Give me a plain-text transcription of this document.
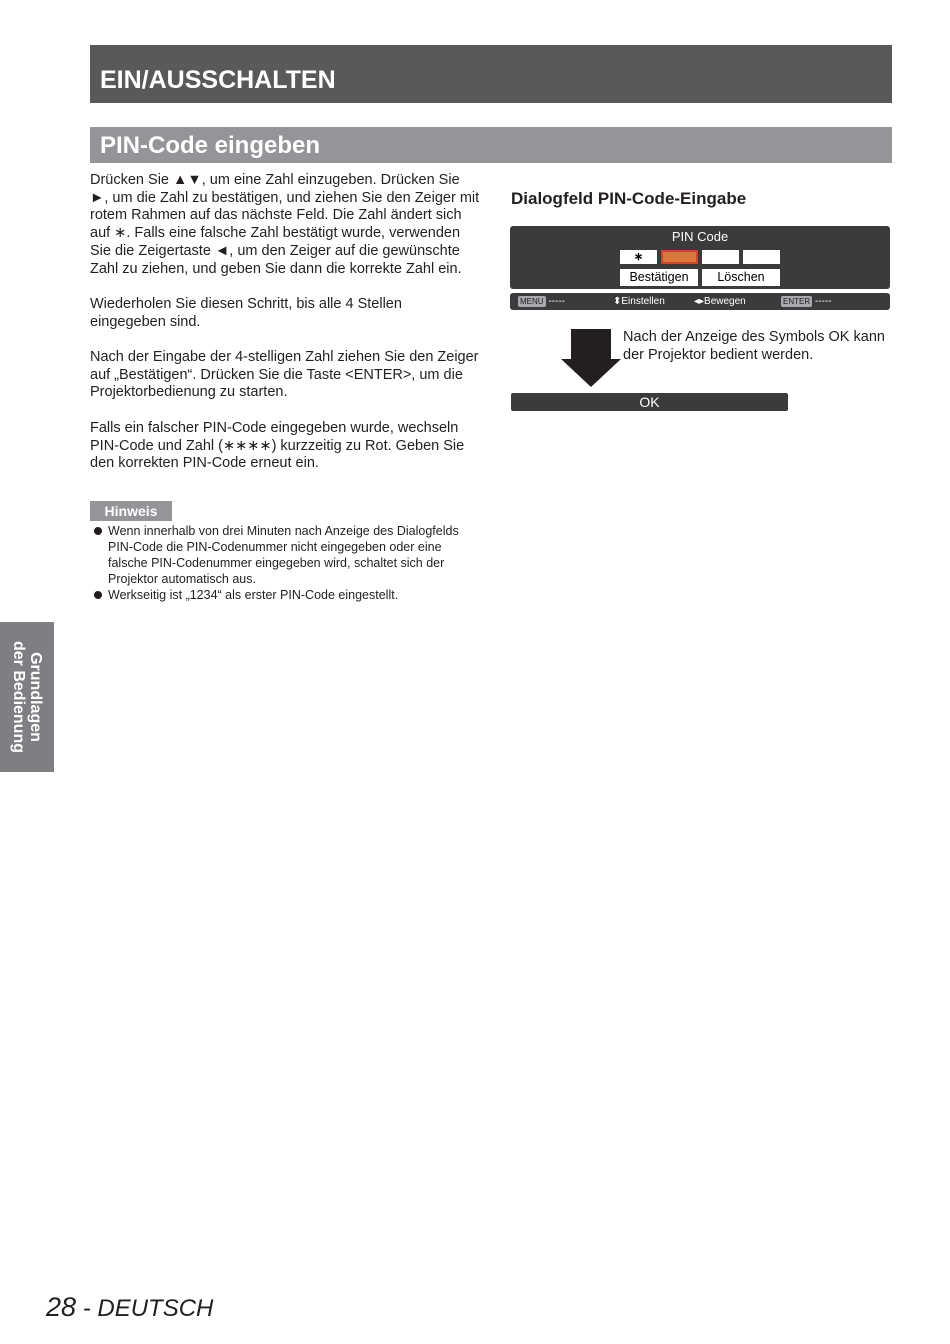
EIN/AUSSCHALTEN
PIN-Code eingeben

Drücken Sie ▲▼, um eine Zahl einzugeben. Drücken Sie ►, um die Zahl zu bestätigen, und ziehen Sie den Zeiger mit rotem Rahmen auf das nächste Feld. Die Zahl ändert sich auf ∗. Falls eine falsche Zahl bestätigt wurde, verwenden Sie die Zeigertaste ◄, um den Zeiger auf die gewünschte Zahl zu ziehen, und geben Sie dann die korrekte Zahl ein.

Wiederholen Sie diesen Schritt, bis alle 4 Stellen eingegeben sind.

Nach der Eingabe der 4-stelligen Zahl ziehen Sie den Zeiger auf „Bestätigen“. Drücken Sie die Taste <ENTER>, um die Projektorbedienung zu starten.

Falls ein falscher PIN-Code eingegeben wurde, wechseln PIN-Code und Zahl (∗∗∗∗) kurzzeitig zu Rot. Geben Sie den korrekten PIN-Code erneut ein.

Hinweis
Wenn innerhalb von drei Minuten nach Anzeige des Dialogfelds PIN-Code die PIN-Codenummer nicht eingegeben oder eine falsche PIN-Codenummer eingegeben wird, schaltet sich der Projektor automatisch aus.
Werkseitig ist „1234“ als erster PIN-Code eingestellt.
Dialogfeld PIN-Code-Eingabe
PIN Code
∗
Bestätigen	Löschen
MENU -----	⬍Einstellen	◂▸Bewegen	ENTER -----
Nach der Anzeige des Symbols OK kann der Projektor bedient werden.
OK
Grundlagen
der Bedienung
28 - DEUTSCH
